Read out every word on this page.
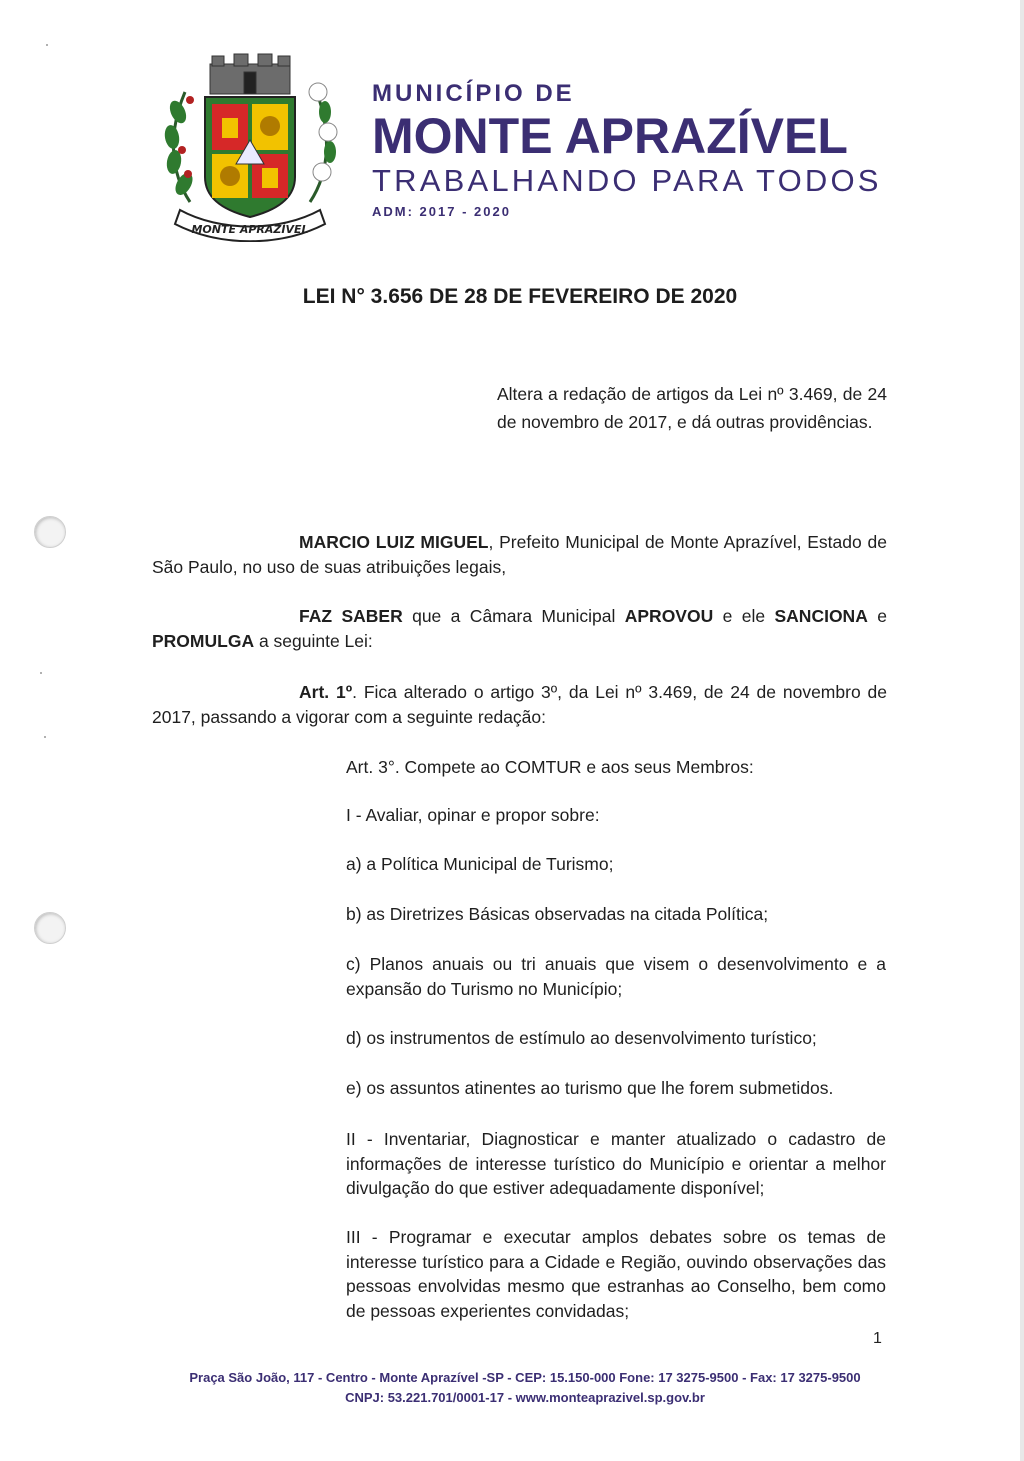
MONTE APRAZÍVEL
MUNICÍPIO DE
MONTE APRAZÍVEL
TRABALHANDO PARA TODOS
ADM: 2017 - 2020
LEI N° 3.656 DE 28 DE FEVEREIRO DE 2020
Altera a redação de artigos da Lei nº 3.469, de 24 de novembro de 2017, e dá outras providências.
MARCIO LUIZ MIGUEL, Prefeito Municipal de Monte Aprazível, Estado de São Paulo, no uso de suas atribuições legais,
FAZ SABER que a Câmara Municipal APROVOU e ele SANCIONA e PROMULGA a seguinte Lei:
Art. 1º. Fica alterado o artigo 3º, da Lei nº 3.469, de 24 de novembro de 2017, passando a vigorar com a seguinte redação:
Art. 3°. Compete ao COMTUR e aos seus Membros:
I - Avaliar, opinar e propor sobre:
a) a Política Municipal de Turismo;
b) as Diretrizes Básicas observadas na citada Política;
c) Planos anuais ou tri anuais que visem o desenvolvimento e a expansão do Turismo no Município;
d) os instrumentos de estímulo ao desenvolvimento turístico;
e) os assuntos atinentes ao turismo que lhe forem submetidos.
II - Inventariar, Diagnosticar e manter atualizado o cadastro de informações de interesse turístico do Município e orientar a melhor divulgação do que estiver adequadamente disponível;
III - Programar e executar amplos debates sobre os temas de interesse turístico para a Cidade e Região, ouvindo observações das pessoas envolvidas mesmo que estranhas ao Conselho, bem como de pessoas experientes convidadas;
1
Praça São João, 117 - Centro - Monte Aprazível -SP - CEP: 15.150-000 Fone: 17 3275-9500 - Fax: 17 3275-9500
CNPJ: 53.221.701/0001-17 - www.monteaprazivel.sp.gov.br
